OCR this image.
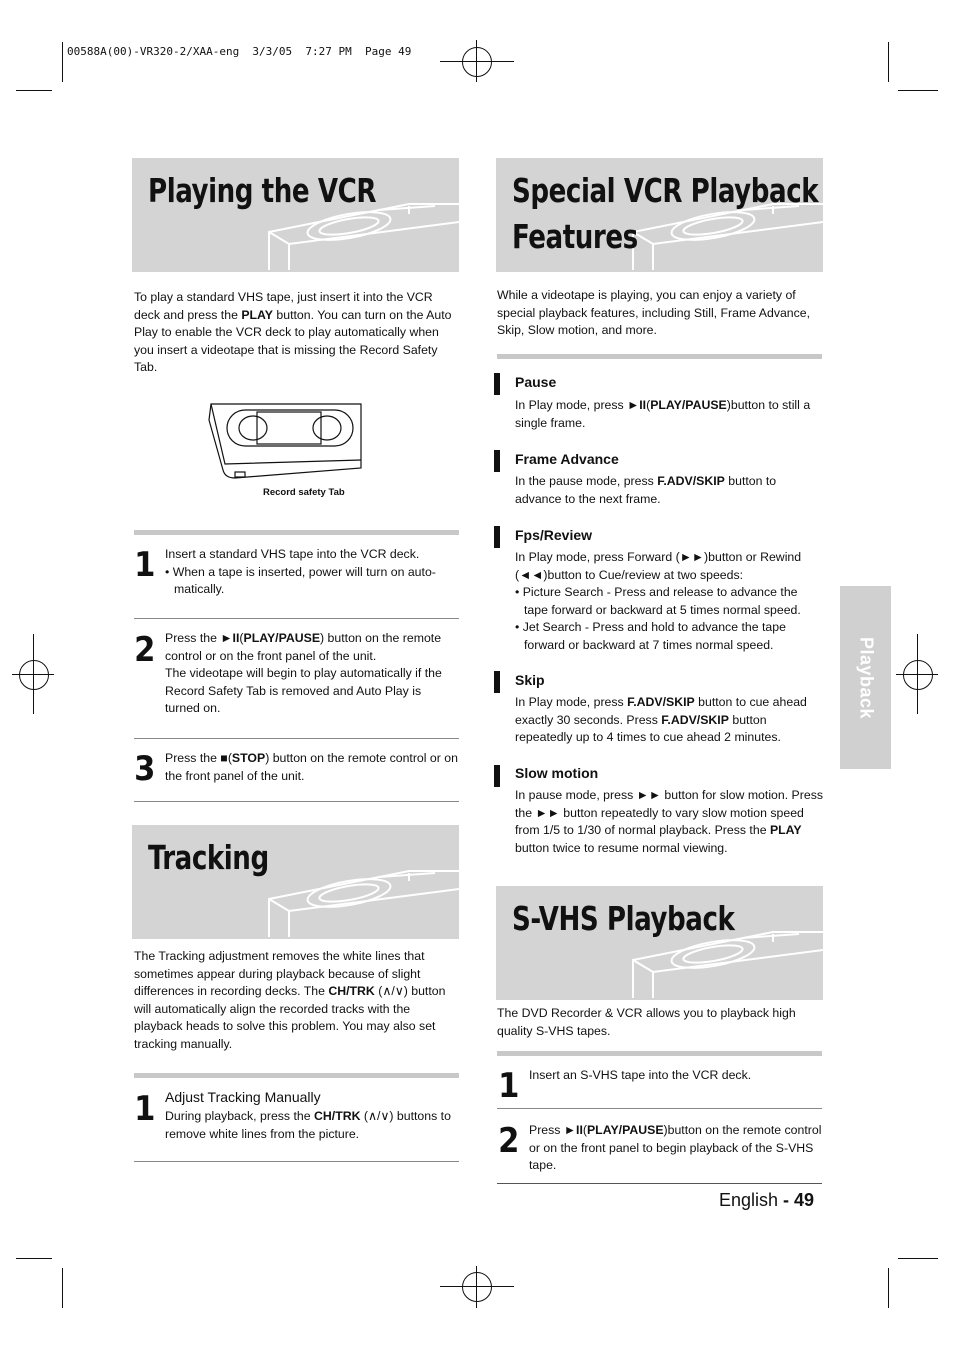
00588A(00)-VR320-2/XAA-eng  3/3/05  7:27 PM  Page 49
Playing the VCR
To play a standard VHS tape, just insert it into the VCR deck and press the PLAY button. You can turn on the Auto Play to enable the VCR deck to play automatically when you insert a videotape that is missing the Record Safety Tab.
Record safety Tab
1 Insert a standard VHS tape into the VCR deck.
• When a tape is inserted, power will turn on auto-matically.
2 Press the ►II(PLAY/PAUSE) button on the remote control or on the front panel of the unit.
The videotape will begin to play automatically if the Record Safety Tab is removed and Auto Play is turned on.
3 Press the ■(STOP) button on the remote control or on the front panel of the unit.
Tracking
The Tracking adjustment removes the white lines that sometimes appear during playback because of slight differences in recording decks. The CH/TRK (∧/∨) button will automatically align the recorded tracks with the playback heads to solve this problem. You may also set tracking manually.
1 Adjust Tracking Manually
During playback, press the CH/TRK (∧/∨) buttons to remove white lines from the picture.
Special VCR Playback
Features
While a videotape is playing, you can enjoy a variety of special playback features, including Still, Frame Advance, Skip, Slow motion, and more.
Pause
In Play mode, press ►II(PLAY/PAUSE)button to still a single frame.
Frame Advance
In the pause mode, press F.ADV/SKIP button to advance to the next frame.
Fps/Review
In Play mode, press Forward (►►)button or Rewind (◄◄)button to Cue/review at two speeds:
• Picture Search - Press and release to advance the tape forward or backward at 5 times normal speed.
• Jet Search - Press and hold to advance the tape forward or backward at 7 times normal speed.
Skip
In Play mode, press F.ADV/SKIP button to cue ahead exactly 30 seconds. Press F.ADV/SKIP button repeatedly up to 4 times to cue ahead 2 minutes.
Slow motion
In pause mode, press ►► button for slow motion. Press the ►► button repeatedly to vary slow motion speed from 1/5 to 1/30 of normal playback. Press the PLAY button twice to resume normal viewing.
S-VHS Playback
The DVD Recorder & VCR allows you to playback high quality S-VHS tapes.
1 Insert an S-VHS tape into the VCR deck.
2 Press ►II(PLAY/PAUSE)button on the remote control or on the front panel to begin playback of the S-VHS tape.
Playback
English - 49
